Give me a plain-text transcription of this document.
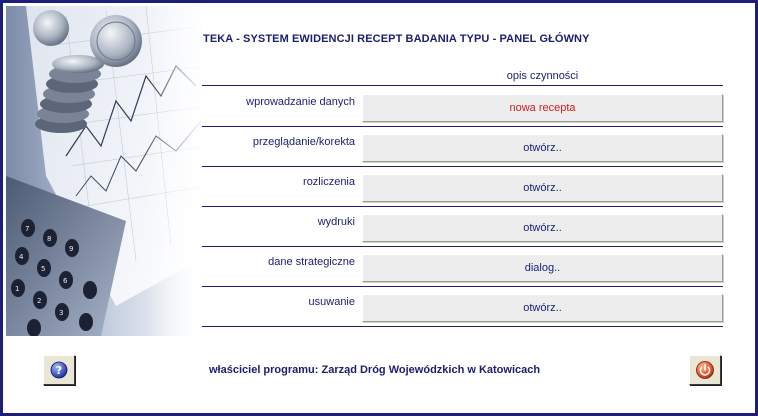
TEKA - SYSTEM EWIDENCJI RECEPT BADANIA TYPU - PANEL GŁÓWNY
opis czynności
wprowadzanie danych	nowa recepta
przeglądanie/korekta	otwórz..
rozliczenia	otwórz..
wydruki	otwórz..
dane strategiczne	dialog..
usuwanie	otwórz..
właściciel programu: Zarząd Dróg Wojewódzkich w Katowicach
?
